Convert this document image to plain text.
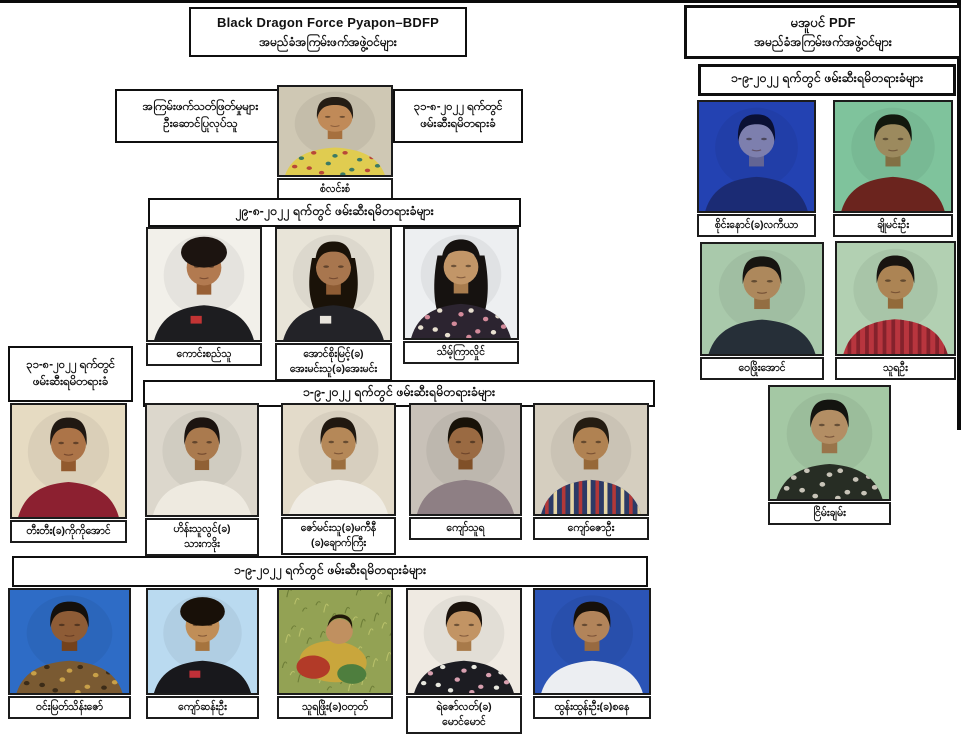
Black Dragon Force Pyapon–BDFP
အမည်ခံအကြမ်းဖက်အဖွဲ့ဝင်များ
မအူပင် PDF
အမည်ခံအကြမ်းဖက်အဖွဲ့ဝင်များ
၁-၉-၂၀၂၂ ရက်တွင် ဖမ်းဆီးရမိတရားခံများ
အကြမ်းဖက်သတ်ဖြတ်မှုများ
ဦးဆောင်ပြုလုပ်သူ
၃၁-၈-၂၀၂၂ ရက်တွင်
ဖမ်းဆီးရမိတရားခံ
စံလင်းစံ
၂၉-၈-၂၀၂၂ ရက်တွင် ဖမ်းဆီးရမိတရားခံများ
ကောင်းစည်သူ	အောင်စိုးမြင့်(ခ)
အေးမင်းသူ(ခ)အေးမင်း
သိမ့်ကြာလှိုင်
၃၁-၈-၂၀၂၂ ရက်တွင်
ဖမ်းဆီးရမိတရားခံ
တီးတီး(ခ)ကိုကိုအောင်
၁-၉-၂၀၂၂ ရက်တွင် ဖမ်းဆီးရမိတရားခံများ
ဟိန်းသူလွင်(ခ)
သားကဒိုး
ဇော်မင်းသူ(ခ)မကီနီ
(ခ)ချောက်ကြီး
ကျော်သူရ	ကျော်ဇောဦး
၁-၉-၂၀၂၂ ရက်တွင် ဖမ်းဆီးရမိတရားခံများ
ဝင်းမြတ်သိန်းဇော်	ကျော်ဆန်းဦး	သူရဖြိုး(ခ)ဝတုတ်	ရဲဇော်လတ်(ခ)
မောင်မောင်
ထွန်းထွန်းဦး(ခ)စနေ
စိုင်းနောင်(ခ)လကီယာ	ချိုမင်းဦး
ဝေဖြိုးအောင်	သူရဦး
ငြိမ်းချမ်း
